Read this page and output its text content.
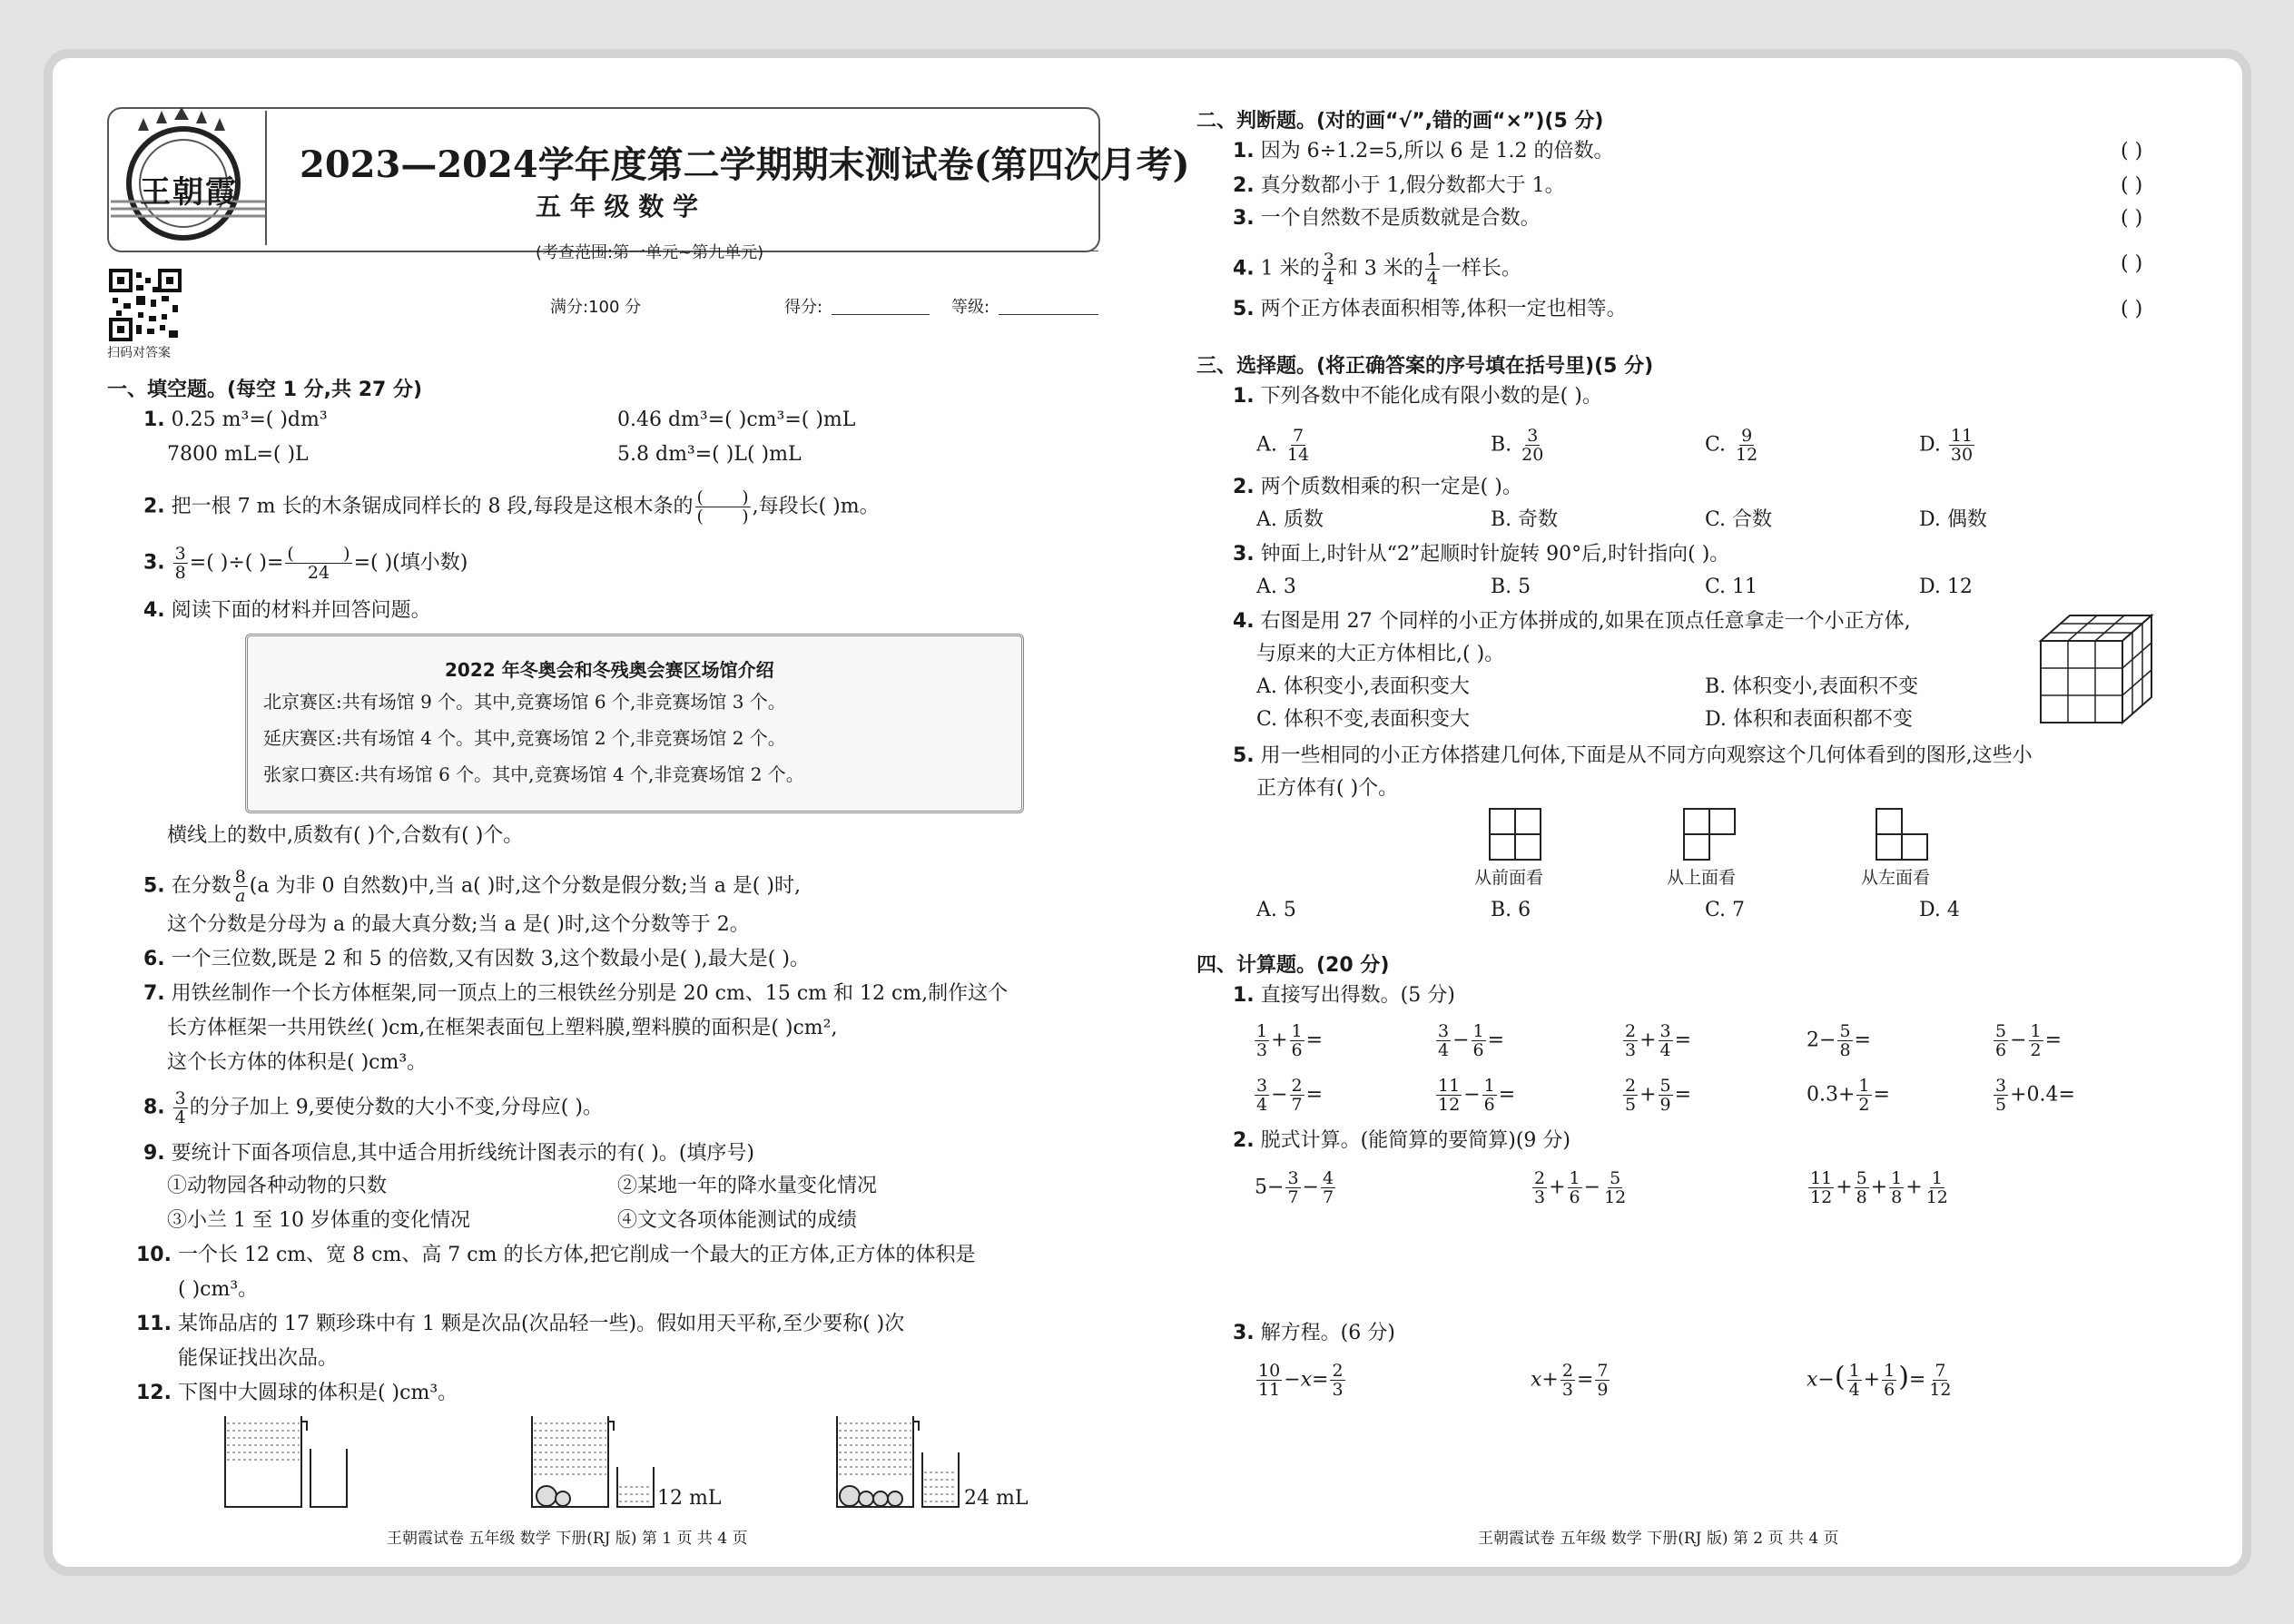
王朝霞
2023—2024学年度第二学期期末测试卷(第四次月考)
五 年 级 数 学
(考查范围:第一单元~第九单元)
扫码对答案
满分:100 分	得分:	等级:
一、填空题。(每空 1 分,共 27 分)
1. 0.25 m³=( )dm³	0.46 dm³=( )cm³=( )mL
7800 mL=( )L	5.8 dm³=( )L( )mL
2. 把一根 7 m 长的木条锯成同样长的 8 段,每段是这根木条的 $\frac{( )}{( )}$ ,每段长( )m。
3. $\frac{3}{8}$ =( )÷( )= $\frac{( )}{24}$ =( )(填小数)
4. 阅读下面的材料并回答问题。
2022 年冬奥会和冬残奥会赛区场馆介绍
北京赛区:共有场馆 9 个。其中,竞赛场馆 6 个,非竞赛场馆 3 个。
延庆赛区:共有场馆 4 个。其中,竞赛场馆 2 个,非竞赛场馆 2 个。
张家口赛区:共有场馆 6 个。其中,竞赛场馆 4 个,非竞赛场馆 2 个。
横线上的数中,质数有( )个,合数有( )个。
5. 在分数 $\frac{8}{a} (a$ 为非 0 自然数)中,当 a( )时,这个分数是假分数;当 a 是( )时,
这个分数是分母为 a 的最大真分数;当 a 是( )时,这个分数等于 2。
6. 一个三位数,既是 2 和 5 的倍数,又有因数 3,这个数最小是( ),最大是( )。
7. 用铁丝制作一个长方体框架,同一顶点上的三根铁丝分别是 20 cm、15 cm 和 12 cm,制作这个
长方体框架一共用铁丝( )cm,在框架表面包上塑料膜,塑料膜的面积是( )cm²,
这个长方体的体积是( )cm³。
8. $\frac{3}{4}$ 的分子加上 9,要使分数的大小不变,分母应( )。
9. 要统计下面各项信息,其中适合用折线统计图表示的有( )。(填序号)
①动物园各种动物的只数	②某地一年的降水量变化情况
③小兰 1 至 10 岁体重的变化情况	④文文各项体能测试的成绩
10. 一个长 12 cm、宽 8 cm、高 7 cm 的长方体,把它削成一个最大的正方体,正方体的体积是
( )cm³。
11. 某饰品店的 17 颗珍珠中有 1 颗是次品(次品轻一些)。假如用天平称,至少要称( )次
能保证找出次品。
12. 下图中大圆球的体积是( )cm³。
12 mL	24 mL
王朝霞试卷 五年级 数学 下册(RJ 版) 第 1 页 共 4 页
二、判断题。(对的画“√”,错的画“×”)(5 分)
1. 因为 6÷1.2=5,所以 6 是 1.2 的倍数。	( )
2. 真分数都小于 1,假分数都大于 1。	( )
3. 一个自然数不是质数就是合数。	( )
4. 1 米的 $\frac{3}{4}$ 和 3 米的 $\frac{1}{4}$ 一样长。	( )
5. 两个正方体表面积相等,体积一定也相等。	( )
三、选择题。(将正确答案的序号填在括号里)(5 分)
1. 下列各数中不能化成有限小数的是( )。
A. $\frac{7}{14}$	B. $\frac{3}{20}$	C. $\frac{9}{12}$	D. $\frac{11}{30}$
2. 两个质数相乘的积一定是( )。
A. 质数	B. 奇数	C. 合数	D. 偶数
3. 钟面上,时针从“2”起顺时针旋转 90°后,时针指向( )。
A. 3	B. 5	C. 11	D. 12
4. 右图是用 27 个同样的小正方体拼成的,如果在顶点任意拿走一个小正方体,
与原来的大正方体相比,( )。
A. 体积变小,表面积变大	B. 体积变小,表面积不变
C. 体积不变,表面积变大	D. 体积和表面积都不变
5. 用一些相同的小正方体搭建几何体,下面是从不同方向观察这个几何体看到的图形,这些小
正方体有( )个。
从前面看	从上面看	从左面看
A. 5	B. 6	C. 7	D. 4
四、计算题。(20 分)
1. 直接写出得数。(5 分)
$\frac{1}{3} + \frac{1}{6}$ =	$\frac{3}{4} - \frac{1}{6}$ =	$\frac{2}{3} + \frac{3}{4}$ =	$2- \frac{5}{8}$ =	$\frac{5}{6} - \frac{1}{2}$ =
$\frac{3}{4} - \frac{2}{7}$ =	$\frac{11}{12} - \frac{1}{6}$ =	$\frac{2}{5} + \frac{5}{9}$ =	$0.3+ \frac{1}{2}$ =	$\frac{3}{5} +0.4=$
2. 脱式计算。(能简算的要简算)(9 分)
$5- \frac{3}{7} - \frac{4}{7}$	$\frac{2}{3} + \frac{1}{6} - \frac{5}{12}$	$\frac{11}{12} + \frac{5}{8} + \frac{1}{8} + \frac{1}{12}$
3. 解方程。(6 分)
$\frac{10}{11} -x= \frac{2}{3}$	$x+ \frac{2}{3} = \frac{7}{9}$	$x-( \frac{1}{4} + \frac{1}{6}$ )= $\frac{7}{12}$
王朝霞试卷 五年级 数学 下册(RJ 版) 第 2 页 共 4 页
